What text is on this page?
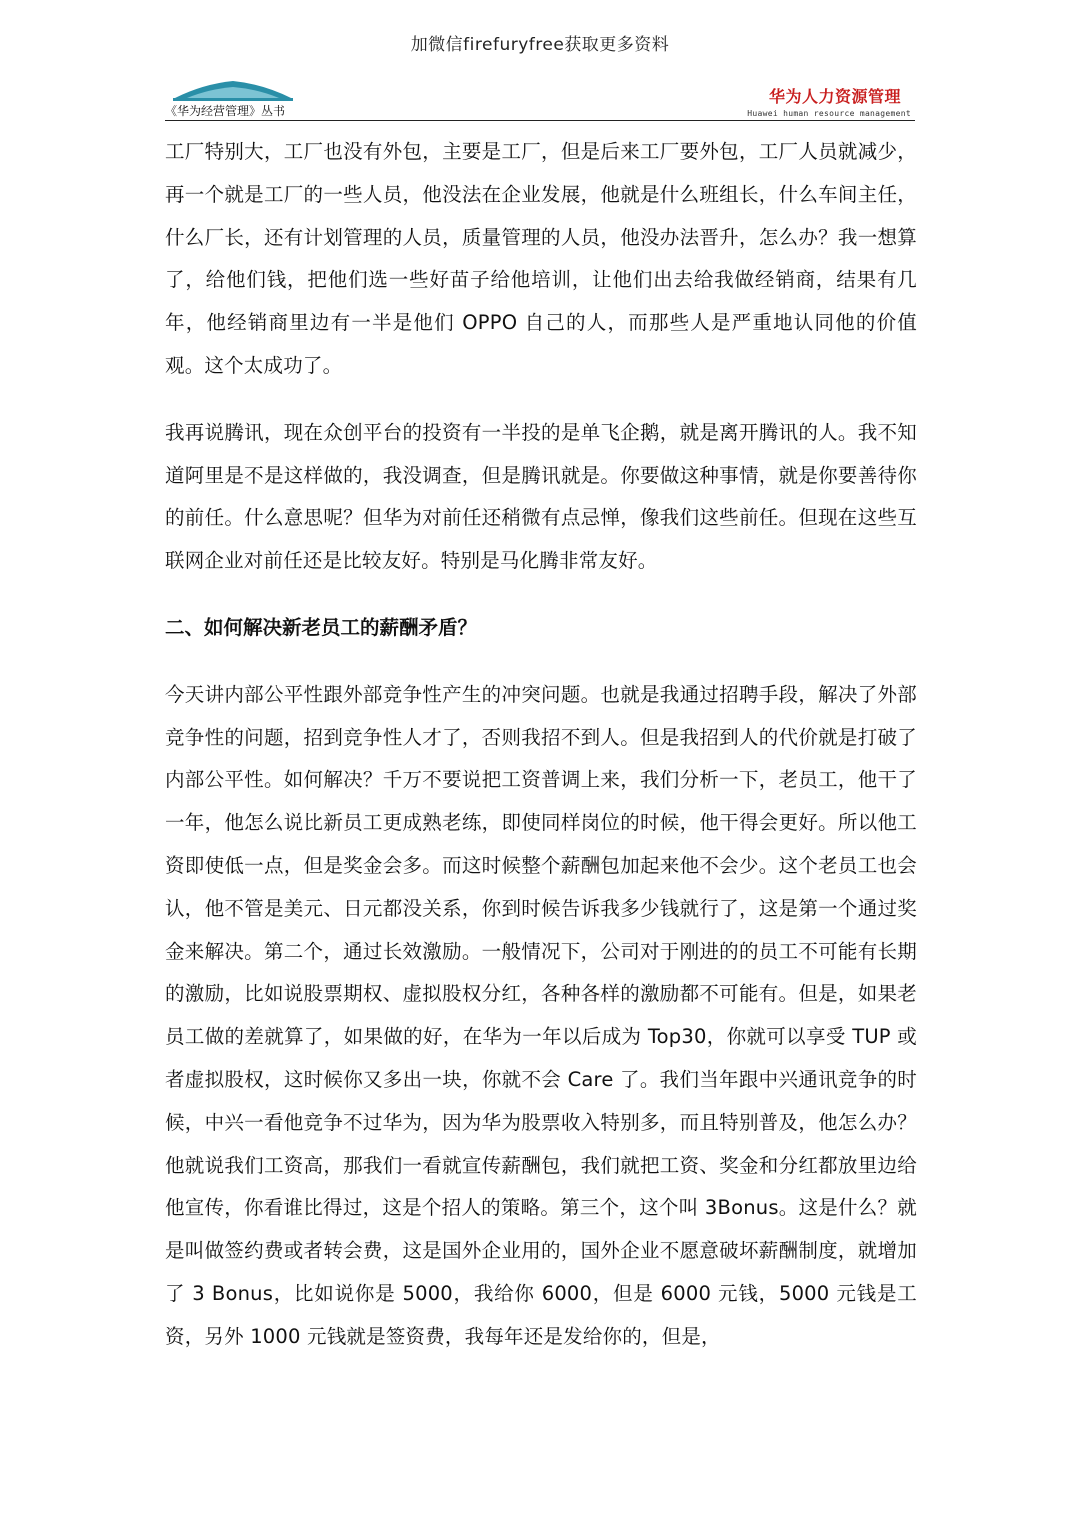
加微信firefuryfree获取更多资料
《华为经营管理》丛书
华为人力资源管理
Huawei human resource management

工厂特别大，工厂也没有外包，主要是工厂，但是后来工厂要外包，工厂人员就减少，再一个就是工厂的一些人员，他没法在企业发展，他就是什么班组长，什么车间主任，什么厂长，还有计划管理的人员，质量管理的人员，他没办法晋升，怎么办？我一想算了，给他们钱，把他们选一些好苗子给他培训，让他们出去给我做经销商，结果有几年，他经销商里边有一半是他们 OPPO 自己的人，而那些人是严重地认同他的价值观。这个太成功了。

我再说腾讯，现在众创平台的投资有一半投的是单飞企鹅，就是离开腾讯的人。我不知道阿里是不是这样做的，我没调查，但是腾讯就是。你要做这种事情，就是你要善待你的前任。什么意思呢？但华为对前任还稍微有点忌惮，像我们这些前任。但现在这些互联网企业对前任还是比较友好。特别是马化腾非常友好。

二、如何解决新老员工的薪酬矛盾？

今天讲内部公平性跟外部竞争性产生的冲突问题。也就是我通过招聘手段，解决了外部竞争性的问题，招到竞争性人才了，否则我招不到人。但是我招到人的代价就是打破了内部公平性。如何解决？千万不要说把工资普调上来，我们分析一下，老员工，他干了一年，他怎么说比新员工更成熟老练，即使同样岗位的时候，他干得会更好。所以他工资即使低一点，但是奖金会多。而这时候整个薪酬包加起来他不会少。这个老员工也会认，他不管是美元、日元都没关系，你到时候告诉我多少钱就行了，这是第一个通过奖金来解决。第二个，通过长效激励。一般情况下，公司对于刚进的的员工不可能有长期的激励，比如说股票期权、虚拟股权分红，各种各样的激励都不可能有。但是，如果老员工做的差就算了，如果做的好，在华为一年以后成为 Top30，你就可以享受 TUP 或者虚拟股权，这时候你又多出一块，你就不会 Care 了。我们当年跟中兴通讯竞争的时候，中兴一看他竞争不过华为，因为华为股票收入特别多，而且特别普及，他怎么办？他就说我们工资高，那我们一看就宣传薪酬包，我们就把工资、奖金和分红都放里边给他宣传，你看谁比得过，这是个招人的策略。第三个，这个叫 3Bonus。这是什么？就是叫做签约费或者转会费，这是国外企业用的，国外企业不愿意破坏薪酬制度，就增加了 3 Bonus，比如说你是 5000，我给你 6000，但是 6000 元钱，5000 元钱是工资，另外 1000 元钱就是签资费，我每年还是发给你的，但是，
